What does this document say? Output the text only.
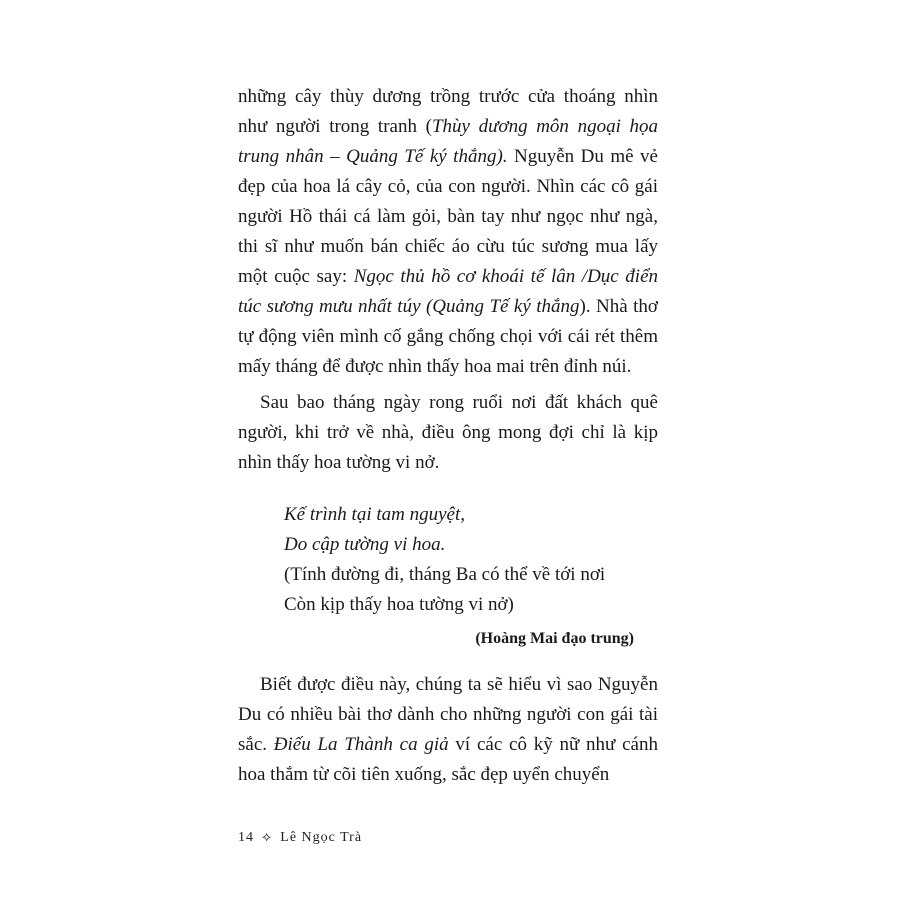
những cây thùy dương trồng trước cửa thoáng nhìn như người trong tranh (Thùy dương môn ngoại họa trung nhân – Quảng Tế ký thắng). Nguyễn Du mê vẻ đẹp của hoa lá cây cỏ, của con người. Nhìn các cô gái người Hồ thái cá làm gỏi, bàn tay như ngọc như ngà, thi sĩ như muốn bán chiếc áo cừu túc sương mua lấy một cuộc say: Ngọc thủ hồ cơ khoái tế lân /Dục điển túc sương mưu nhất túy (Quảng Tế ký thắng). Nhà thơ tự động viên mình cố gắng chống chọi với cái rét thêm mấy tháng để được nhìn thấy hoa mai trên đỉnh núi.

Sau bao tháng ngày rong ruổi nơi đất khách quê người, khi trở về nhà, điều ông mong đợi chỉ là kịp nhìn thấy hoa tường vi nở.

Kế trình tại tam nguyệt,
Do cập tường vi hoa.
(Tính đường đi, tháng Ba có thể về tới nơi
Còn kịp thấy hoa tường vi nở)
(Hoàng Mai đạo trung)

Biết được điều này, chúng ta sẽ hiểu vì sao Nguyễn Du có nhiều bài thơ dành cho những người con gái tài sắc. Điếu La Thành ca giả ví các cô kỹ nữ như cánh hoa thắm từ cõi tiên xuống, sắc đẹp uyển chuyển

14 ⟡ Lê Ngọc Trà
